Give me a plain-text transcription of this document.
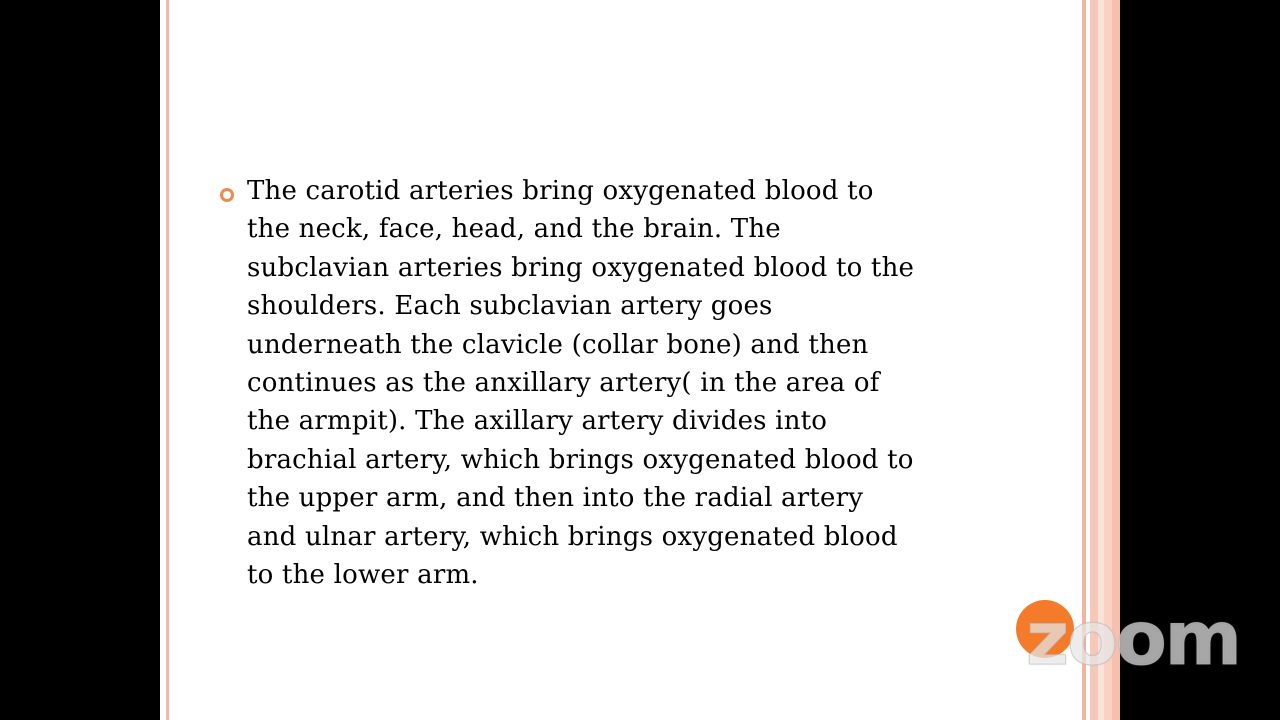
The carotid arteries bring oxygenated blood to
the neck, face, head, and the brain. The
subclavian arteries bring oxygenated blood to the
shoulders. Each subclavian artery goes
underneath the clavicle (collar bone) and then
continues as the anxillary artery( in the area of
the armpit). The axillary artery divides into
brachial artery, which brings oxygenated blood to
the upper arm, and then into the radial artery
and ulnar artery, which brings oxygenated blood
to the lower arm.

zoom
